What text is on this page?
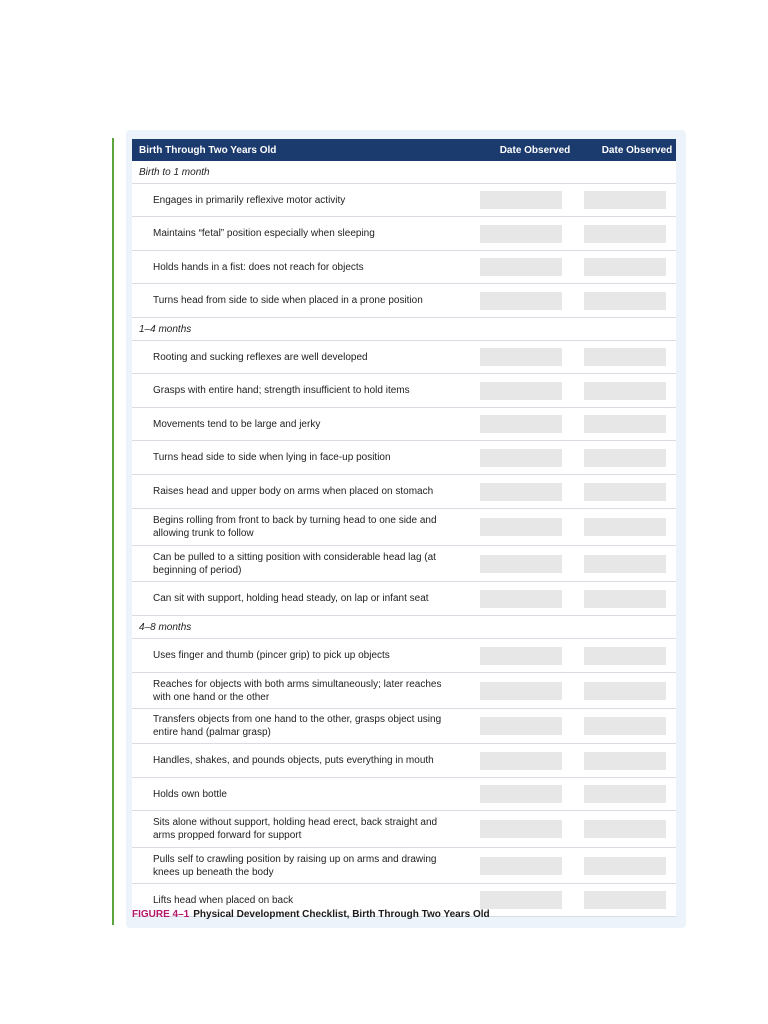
Birth Through Two Years Old	Date Observed	Date Observed
Birth to 1 month
Engages in primarily reflexive motor activity
Maintains “fetal” position especially when sleeping
Holds hands in a fist: does not reach for objects
Turns head from side to side when placed in a prone position
1–4 months
Rooting and sucking reflexes are well developed
Grasps with entire hand; strength insufficient to hold items
Movements tend to be large and jerky
Turns head side to side when lying in face-up position
Raises head and upper body on arms when placed on stomach
Begins rolling from front to back by turning head to one side and allowing trunk to follow
Can be pulled to a sitting position with considerable head lag (at beginning of period)
Can sit with support, holding head steady, on lap or infant seat
4–8 months
Uses finger and thumb (pincer grip) to pick up objects
Reaches for objects with both arms simultaneously; later reaches with one hand or the other
Transfers objects from one hand to the other, grasps object using entire hand (palmar grasp)
Handles, shakes, and pounds objects, puts everything in mouth
Holds own bottle
Sits alone without support, holding head erect, back straight and arms propped forward for support
Pulls self to crawling position by raising up on arms and drawing knees up beneath the body
Lifts head when placed on back
FIGURE 4–1 Physical Development Checklist, Birth Through Two Years Old
